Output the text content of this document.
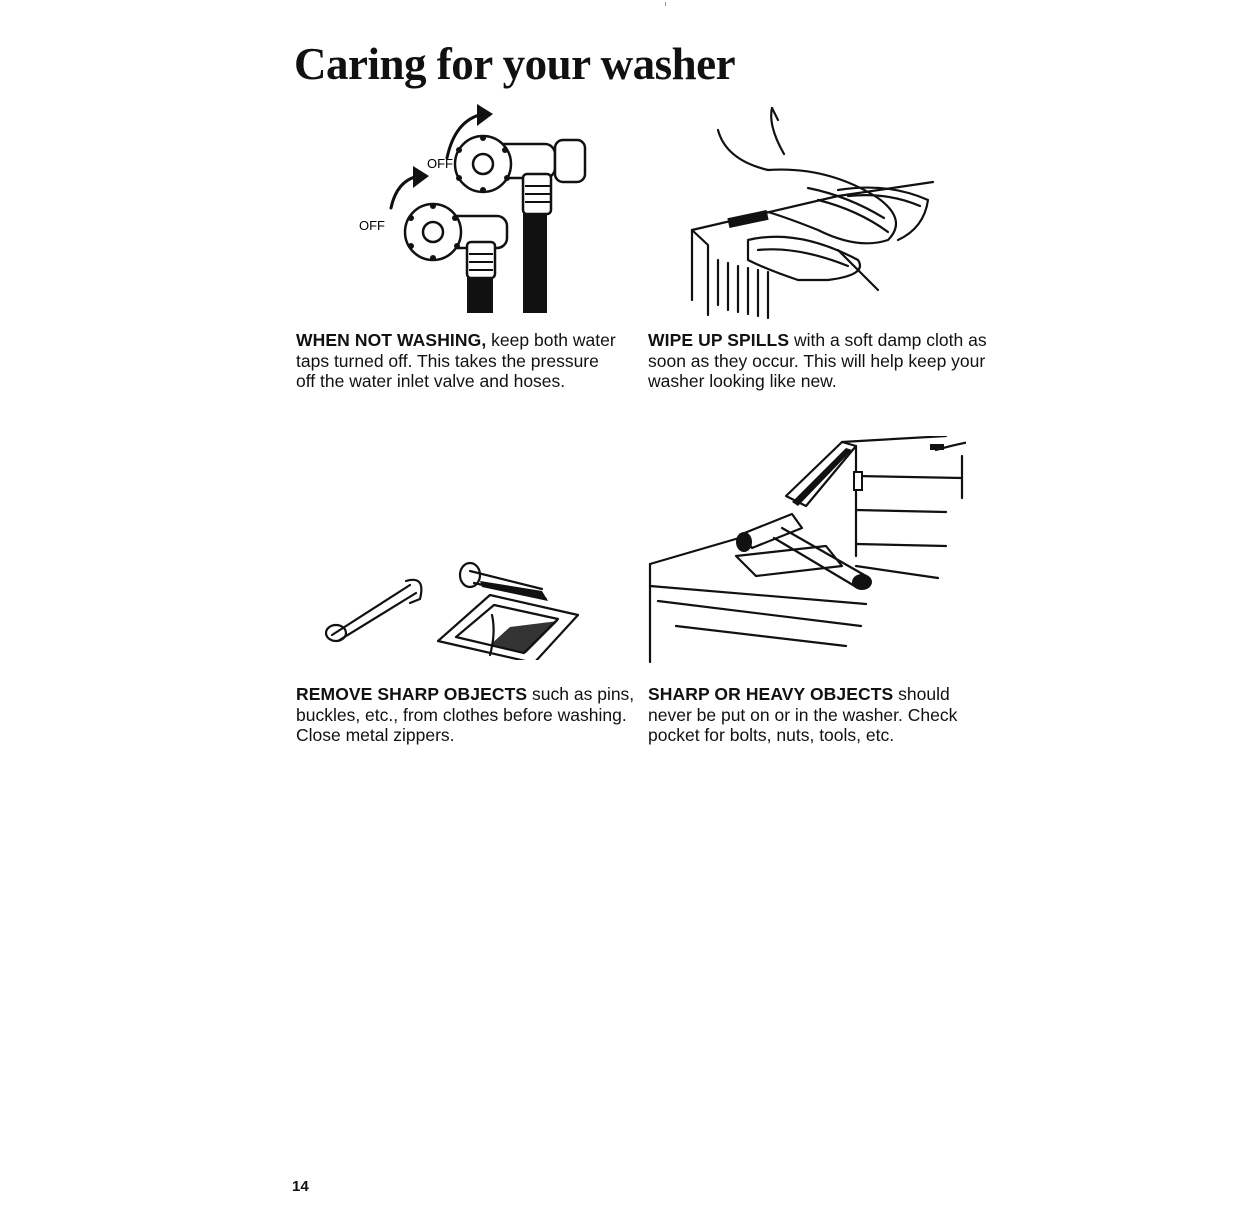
Caring for your washer
OFF
OFF

WHEN NOT WASHING, keep both water taps turned off. This takes the pressure off the water inlet valve and hoses.

WIPE UP SPILLS with a soft damp cloth as soon as they occur. This will help keep your washer looking like new.

REMOVE SHARP OBJECTS such as pins, buckles, etc., from clothes before washing. Close metal zippers.

SHARP OR HEAVY OBJECTS should never be put on or in the washer. Check pocket for bolts, nuts, tools, etc.

14
